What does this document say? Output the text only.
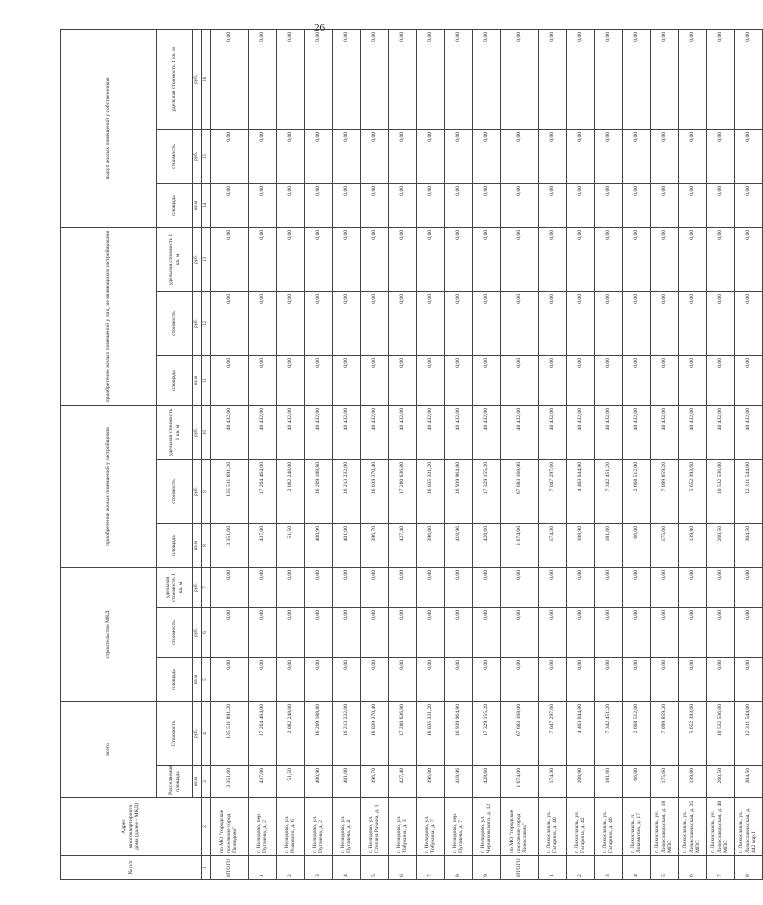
26
№ п/п	Адрес многоквартирного дома (далее - МКД)	всего		строительство МКД			приобретение жилых помещений у застройщиков			приобретение жилых помещений у лиц, не являющихся застройщиками			выкуп жилых помещений у собственников		
		Расселяемая площадь	Стоимость	площадь	стоимость	удельная стоимость 1 кв. м	площадь	стоимость	удельная стоимость 1 кв. м	площадь	стоимость	удельная стоимость 1 кв. м	площадь	стоимость	удельная стоимость 1 кв. м
		кв.м	руб.	кв.м	руб.	руб.	кв.м	руб.	руб.	кв.м	руб.	руб.	кв.м	руб.	руб.
1	2	3	4	5	6	7	8	9	10	11	12	13	14	15	16
ИТОГО	по МО "городское поселение город Пелюдово"	3 351,60	135 511 891,20	0,00	0,00	0,00	3 351,60	135 511 891,20	40 432,00	0,00	0,00	0,00	0,00	0,00	0,00
1	г. Нелидово, пер. Пугачева, д. 2	437,00	17 264 464,00	0,00	0,00	0,00	437,00	17 264 464,00	40 432,00	0,00	0,00	0,00	0,00	0,00	0,00
2	г. Нелидово, ул. Рыкового, д. 6	51,50	2 082 248,00	0,00	0,00	0,00	51,50	2 082 248,00	40 432,00	0,00	0,00	0,00	0,00	0,00	0,00
3	г. Нелидово, ул. Пугачева, д. 2	400,90	16 209 188,80	0,00	0,00	0,00	400,90	16 209 188,80	40 432,00	0,00	0,00	0,00	0,00	0,00	0,00
4	г. Нелидово, ул. Пугачева, д. 4	401,00	16 213 232,00	0,00	0,00	0,00	401,00	16 213 232,00	40 432,00	0,00	0,00	0,00	0,00	0,00	0,00
5	г. Нелидово, ул. Степана Разина, д. 1	396,70	16 039 370,40	0,00	0,00	0,00	396,70	16 039 370,40	40 432,00	0,00	0,00	0,00	0,00	0,00	0,00
6	г. Нелидово, ул. Тобукина, д. 3	427,40	17 280 636,80	0,00	0,00	0,00	427,40	17 280 636,80	40 432,00	0,00	0,00	0,00	0,00	0,00	0,00
7	г. Нелидово, ул. Тобукина, д. 7	396,00	16 035 331,20	0,00	0,00	0,00	396,00	16 035 331,20	40 432,00	0,00	0,00	0,00	0,00	0,00	0,00
8	г. Нелидово, пер. Пугачева, д. 7	418,96	16 939 964,80	0,00	0,00	0,00	418,96	16 939 964,80	40 432,00	0,00	0,00	0,00	0,00	0,00	0,00
9	г. Нелидово, ул. Черняховского, д. 12	428,60	17 329 155,20	0,00	0,00	0,00	428,60	17 329 155,20	40 432,00	0,00	0,00	0,00	0,00	0,00	0,00
ИТОГО	по МО "городское поселение город Лихославль"	1 674,00	67 683 168,00	0,00	0,00	0,00	1 674,00	67 683 168,00	40 432,00	0,00	0,00	0,00	0,00	0,00	0,00
1	г. Лихославль, ул. Гагарина, д. 40	174,30	7 047 297,60	0,00	0,00	0,00	174,30	7 047 297,60	40 432,00	0,00	0,00	0,00	0,00	0,00	0,00
2	г. Лихославль, ул. Гагарина, д. 42	108,90	4 403 044,80	0,00	0,00	0,00	108,90	4 403 044,80	40 432,00	0,00	0,00	0,00	0,00	0,00	0,00
3	г. Лихославль, ул. Гагарина, д. 46	181,60	7 342 451,20	0,00	0,00	0,00	181,60	7 342 451,20	40 432,00	0,00	0,00	0,00	0,00	0,00	0,00
4	г. Лихославль, п. Локомотив, д. 17	66,00	2 668 512,00	0,00	0,00	0,00	66,00	2 668 512,00	40 432,00	0,00	0,00	0,00	0,00	0,00	0,00
5	г. Лихославль, ул. Лихославльская, д. 18 МПС	175,60	7 099 859,20	0,00	0,00	0,00	175,60	7 099 859,20	40 432,00	0,00	0,00	0,00	0,00	0,00	0,00
6	г. Лихославль, ул. Лихославльская, д. 35 МПС	139,80	5 652 393,60	0,00	0,00	0,00	139,80	5 652 393,60	40 432,00	0,00	0,00	0,00	0,00	0,00	0,00
7	г. Лихославль, ул. Лихославльская, д. 40 МПС	260,50	10 532 536,00	0,00	0,00	0,00	260,50	10 532 536,00	40 432,00	0,00	0,00	0,00	0,00	0,00	0,00
8	г. Лихославль, ул. Лихославльская, д. 442 кор.1	304,50	12 311 544,00	0,00	0,00	0,00	304,50	12 311 544,00	40 432,00	0,00	0,00	0,00	0,00	0,00	0,00
